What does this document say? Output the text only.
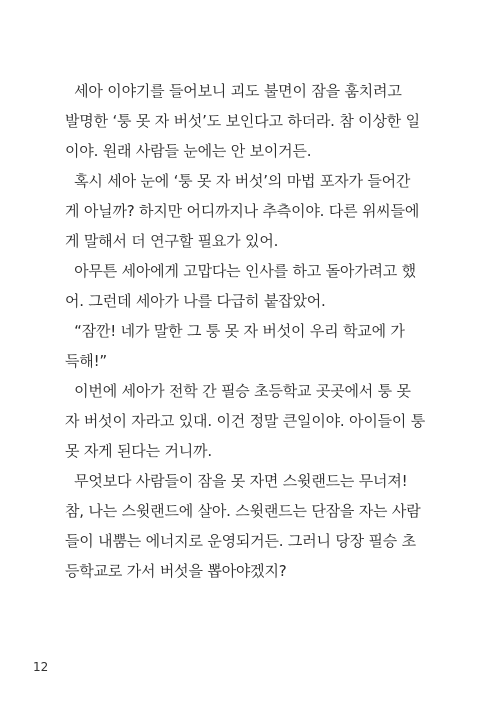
세아 이야기를 들어보니 괴도 불면이 잠을 훔치려고
발명한 ‘퉁 못 자 버섯’도 보인다고 하더라. 참 이상한 일
이야. 원래 사람들 눈에는 안 보이거든.

혹시 세아 눈에 ‘퉁 못 자 버섯’의 마법 포자가 들어간
게 아닐까? 하지만 어디까지나 추측이야. 다른 위씨들에
게 말해서 더 연구할 필요가 있어.

아무튼 세아에게 고맙다는 인사를 하고 돌아가려고 했
어. 그런데 세아가 나를 다급히 붙잡았어.

“잠깐! 네가 말한 그 퉁 못 자 버섯이 우리 학교에 가
득해!”

이번에 세아가 전학 간 필승 초등학교 곳곳에서 퉁 못
자 버섯이 자라고 있대. 이건 정말 큰일이야. 아이들이 퉁
못 자게 된다는 거니까.

무엇보다 사람들이 잠을 못 자면 스윗랜드는 무너져!
참, 나는 스윗랜드에 살아. 스윗랜드는 단잠을 자는 사람
들이 내뿜는 에너지로 운영되거든. 그러니 당장 필승 초
등학교로 가서 버섯을 뽑아야겠지?

12
